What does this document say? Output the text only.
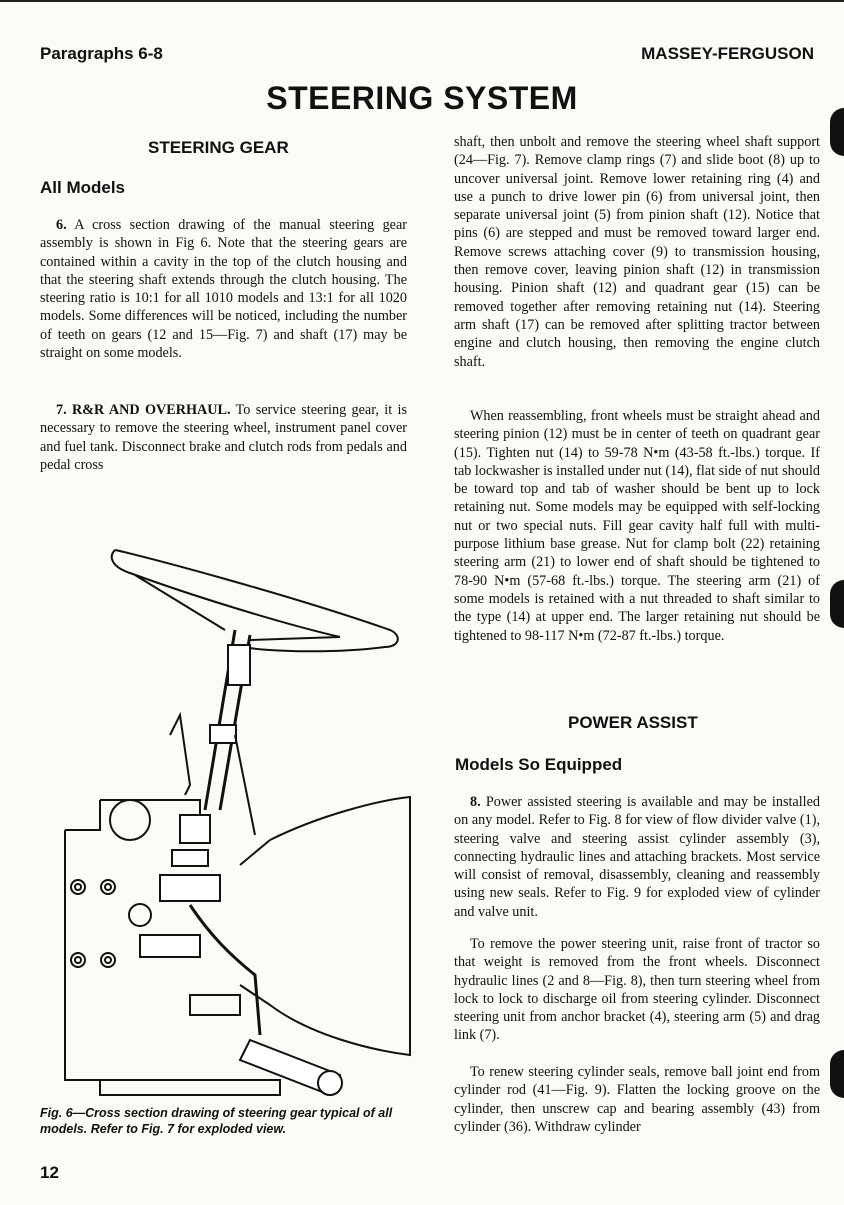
Paragraphs 6-8	MASSEY-FERGUSON
STEERING SYSTEM
STEERING GEAR
All Models

6. A cross section drawing of the manual steering gear assembly is shown in Fig 6. Note that the steering gears are contained within a cavity in the top of the clutch housing and that the steering shaft extends through the clutch housing. The steering ratio is 10:1 for all 1010 models and 13:1 for all 1020 models. Some differences will be noticed, including the number of teeth on gears (12 and 15—Fig. 7) and shaft (17) may be straight on some models.

7. R&R AND OVERHAUL. To service steering gear, it is necessary to remove the steering wheel, instrument panel cover and fuel tank. Disconnect brake and clutch rods from pedals and pedal cross

Fig. 6—Cross section drawing of steering gear typical of all models. Refer to Fig. 7 for exploded view.
12

shaft, then unbolt and remove the steering wheel shaft support (24—Fig. 7). Remove clamp rings (7) and slide boot (8) up to uncover universal joint. Remove lower retaining ring (4) and use a punch to drive lower pin (6) from universal joint, then separate universal joint (5) from pinion shaft (12). Notice that pins (6) are stepped and must be removed toward larger end. Remove screws attaching cover (9) to transmission housing, then remove cover, leaving pinion shaft (12) in transmission housing. Pinion shaft (12) and quadrant gear (15) can be removed together after removing retaining nut (14). Steering arm shaft (17) can be removed after splitting tractor between engine and clutch housing, then removing the engine clutch shaft.

When reassembling, front wheels must be straight ahead and steering pinion (12) must be in center of teeth on quadrant gear (15). Tighten nut (14) to 59-78 N•m (43-58 ft.-lbs.) torque. If tab lockwasher is installed under nut (14), flat side of nut should be toward top and tab of washer should be bent up to lock retaining nut. Some models may be equipped with self-locking nut or two special nuts. Fill gear cavity half full with multi-purpose lithium base grease. Nut for clamp bolt (22) retaining steering arm (21) to lower end of shaft should be tightened to 78-90 N•m (57-68 ft.-lbs.) torque. The steering arm (21) of some models is retained with a nut threaded to shaft similar to the type (14) at upper end. The larger retaining nut should be tightened to 98-117 N•m (72-87 ft.-lbs.) torque.

POWER ASSIST
Models So Equipped

8. Power assisted steering is available and may be installed on any model. Refer to Fig. 8 for view of flow divider valve (1), steering valve and steering assist cylinder assembly (3), connecting hydraulic lines and attaching brackets. Most service will consist of removal, disassembly, cleaning and reassembly using new seals. Refer to Fig. 9 for exploded view of cylinder and valve unit.

To remove the power steering unit, raise front of tractor so that weight is removed from the front wheels. Disconnect hydraulic lines (2 and 8—Fig. 8), then turn steering wheel from lock to lock to discharge oil from steering cylinder. Disconnect steering unit from anchor bracket (4), steering arm (5) and drag link (7).

To renew steering cylinder seals, remove ball joint end from cylinder rod (41—Fig. 9). Flatten the locking groove on the cylinder, then unscrew cap and bearing assembly (43) from cylinder (36). Withdraw cylinder
